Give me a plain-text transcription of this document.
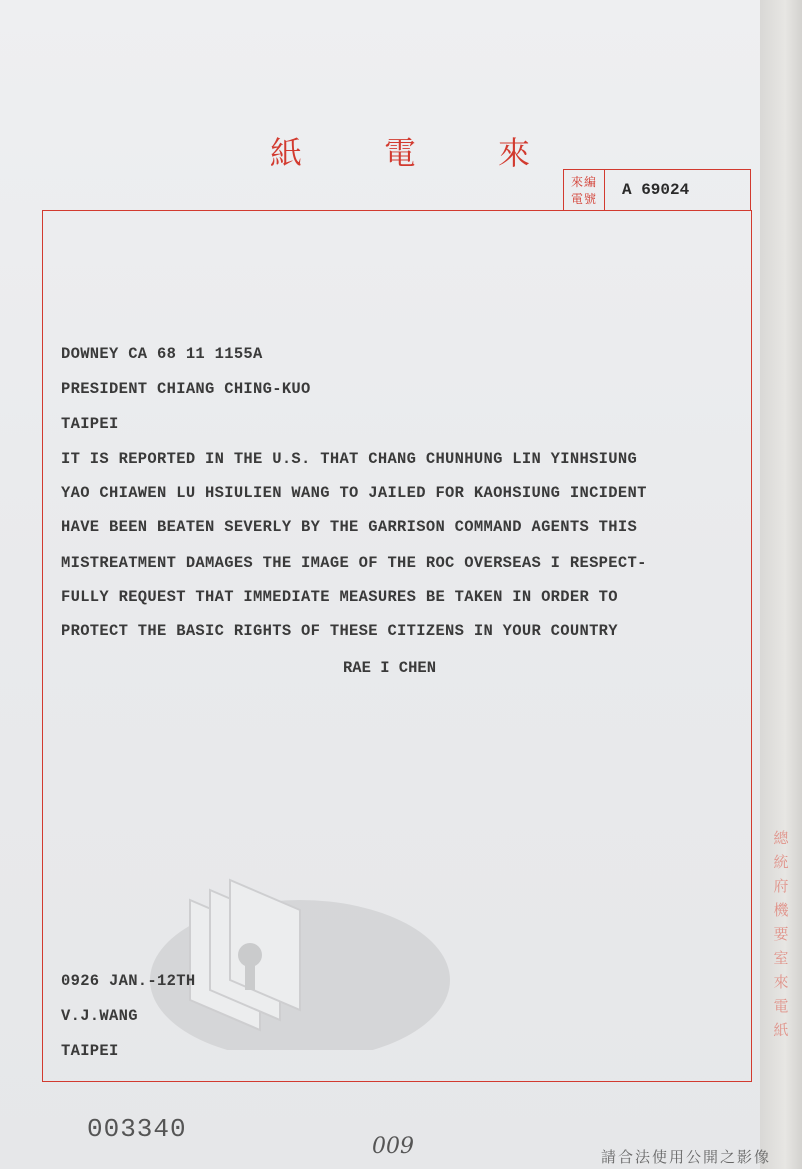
紙	電	來
來編
電號 A 69024
DOWNEY CA 68 11 1155A
PRESIDENT CHIANG CHING-KUO
TAIPEI
IT IS REPORTED IN THE U.S. THAT CHANG CHUNHUNG LIN YINHSIUNG
YAO CHIAWEN LU HSIULIEN WANG TO JAILED FOR KAOHSIUNG INCIDENT
HAVE BEEN BEATEN SEVERLY BY THE GARRISON COMMAND AGENTS THIS
MISTREATMENT DAMAGES THE IMAGE OF THE ROC OVERSEAS I RESPECT-
FULLY REQUEST THAT IMMEDIATE MEASURES BE TAKEN IN ORDER TO
PROTECT THE BASIC RIGHTS OF THESE CITIZENS IN YOUR COUNTRY
RAE I CHEN
0926 JAN.-12TH
V.J.WANG
TAIPEI
總統府機要室來電紙
003340
009	請合法使用公開之影像
